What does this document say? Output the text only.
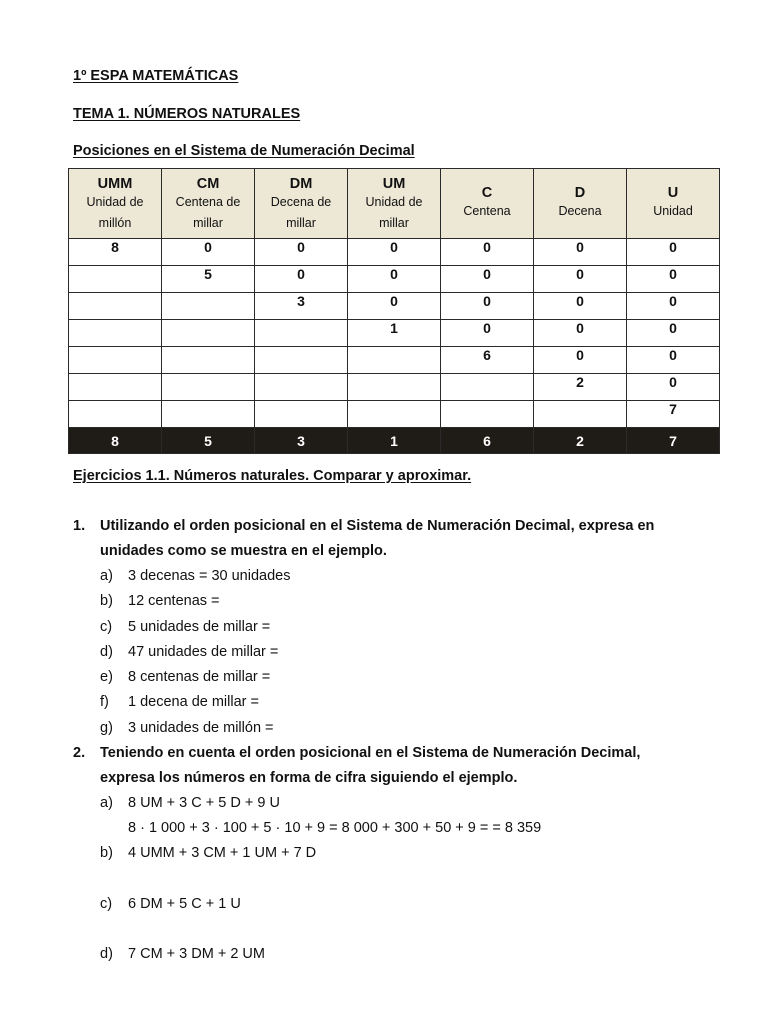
1º ESPA MATEMÁTICAS
TEMA 1. NÚMEROS NATURALES
Posiciones en el Sistema de Numeración Decimal
UMM
Unidad de
millón	CM
Centena de
millar	DM
Decena de
millar	UM
Unidad de
millar	C
Centena	D
Decena	U
Unidad

8	0	0	0	0	0	0
	5	0	0	0	0	0
		3	0	0	0	0
			1	0	0	0
				6	0	0
					2	0
						7
8	5	3	1	6	2	7
Ejercicios 1.1. Números naturales. Comparar y aproximar.
1. Utilizando el orden posicional en el Sistema de Numeración Decimal, expresa en
unidades como se muestra en el ejemplo.
a) 3 decenas = 30 unidades
b) 12 centenas =
c) 5 unidades de millar =
d) 47 unidades de millar =
e) 8 centenas de millar =
f) 1 decena de millar =
g) 3 unidades de millón =
2. Teniendo en cuenta el orden posicional en el Sistema de Numeración Decimal,
expresa los números en forma de cifra siguiendo el ejemplo.
a) 8 UM + 3 C + 5 D + 9 U
8 · 1 000 + 3 · 100 + 5 · 10 + 9 = 8 000 + 300 + 50 + 9 = = 8 359
b) 4 UMM + 3 CM + 1 UM + 7 D
c) 6 DM + 5 C + 1 U
d) 7 CM + 3 DM + 2 UM
